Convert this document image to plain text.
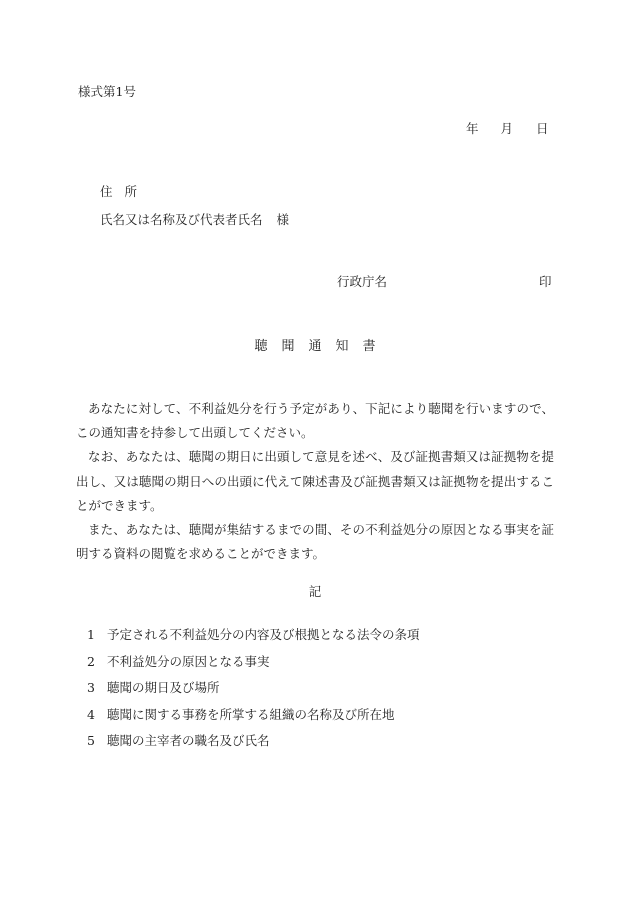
様式第1号
年 月 日
住所
氏名又は名称及び代表者氏名 様
行政庁名	印
聴 聞 通 知 書

あなたに対して、不利益処分を行う予定があり、下記により聴聞を行いますので、この通知書を持参して出頭してください。

なお、あなたは、聴聞の期日に出頭して意見を述べ、及び証拠書類又は証拠物を提出し、又は聴聞の期日への出頭に代えて陳述書及び証拠書類又は証拠物を提出することができます。

また、あなたは、聴聞が集結するまでの間、その不利益処分の原因となる事実を証明する資料の閲覧を求めることができます。

記
1 予定される不利益処分の内容及び根拠となる法令の条項
2 不利益処分の原因となる事実
3 聴聞の期日及び場所
4 聴聞に関する事務を所掌する組織の名称及び所在地
5 聴聞の主宰者の職名及び氏名
